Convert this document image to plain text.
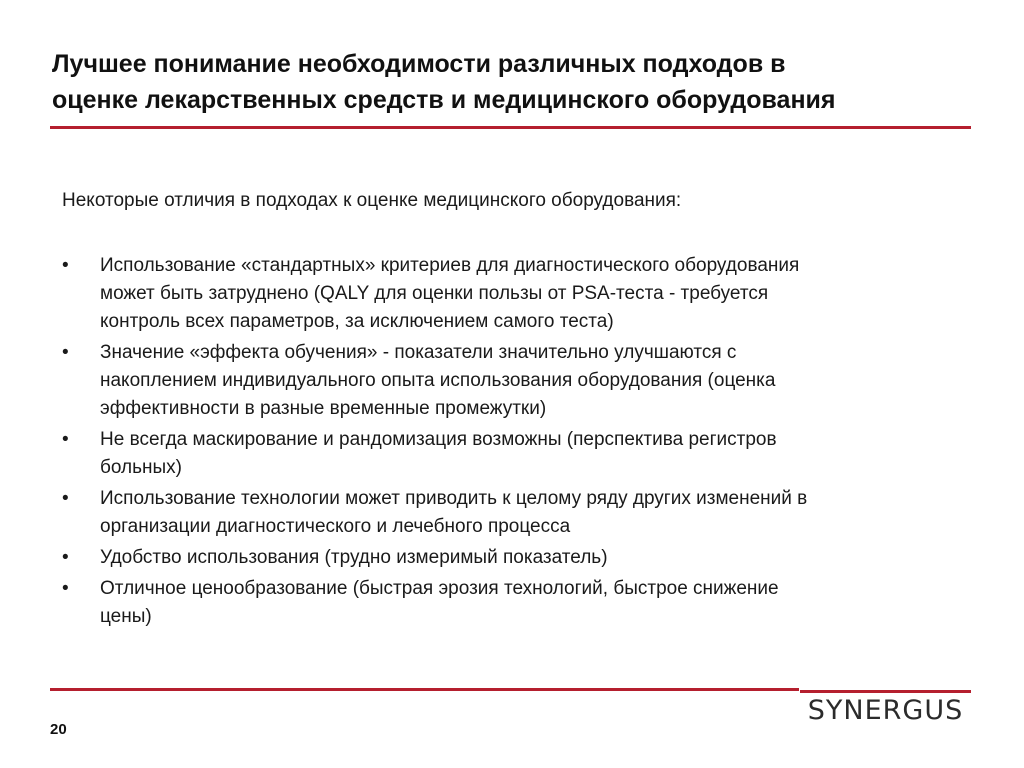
Лучшее понимание необходимости различных подходов в
оценке лекарственных средств и медицинского оборудования

Некоторые отличия в подходах к оценке медицинского оборудования:

•	Использование «стандартных» критериев для диагностического оборудования
может быть затруднено (QALY для оценки пользы от PSA-теста - требуется
контроль всех параметров, за исключением самого теста)
•	Значение «эффекта обучения» - показатели значительно улучшаются с
накоплением индивидуального опыта использования оборудования (оценка
эффективности в разные временные промежутки)
•	Не всегда маскирование и рандомизация возможны (перспектива регистров
больных)
•	Использование технологии может приводить к целому ряду других изменений в
организации диагностического и лечебного процесса
•	Удобство использования (трудно измеримый показатель)
•	Отличное ценообразование (быстрая эрозия технологий, быстрое снижение
цены)
SYNERGUS
20
